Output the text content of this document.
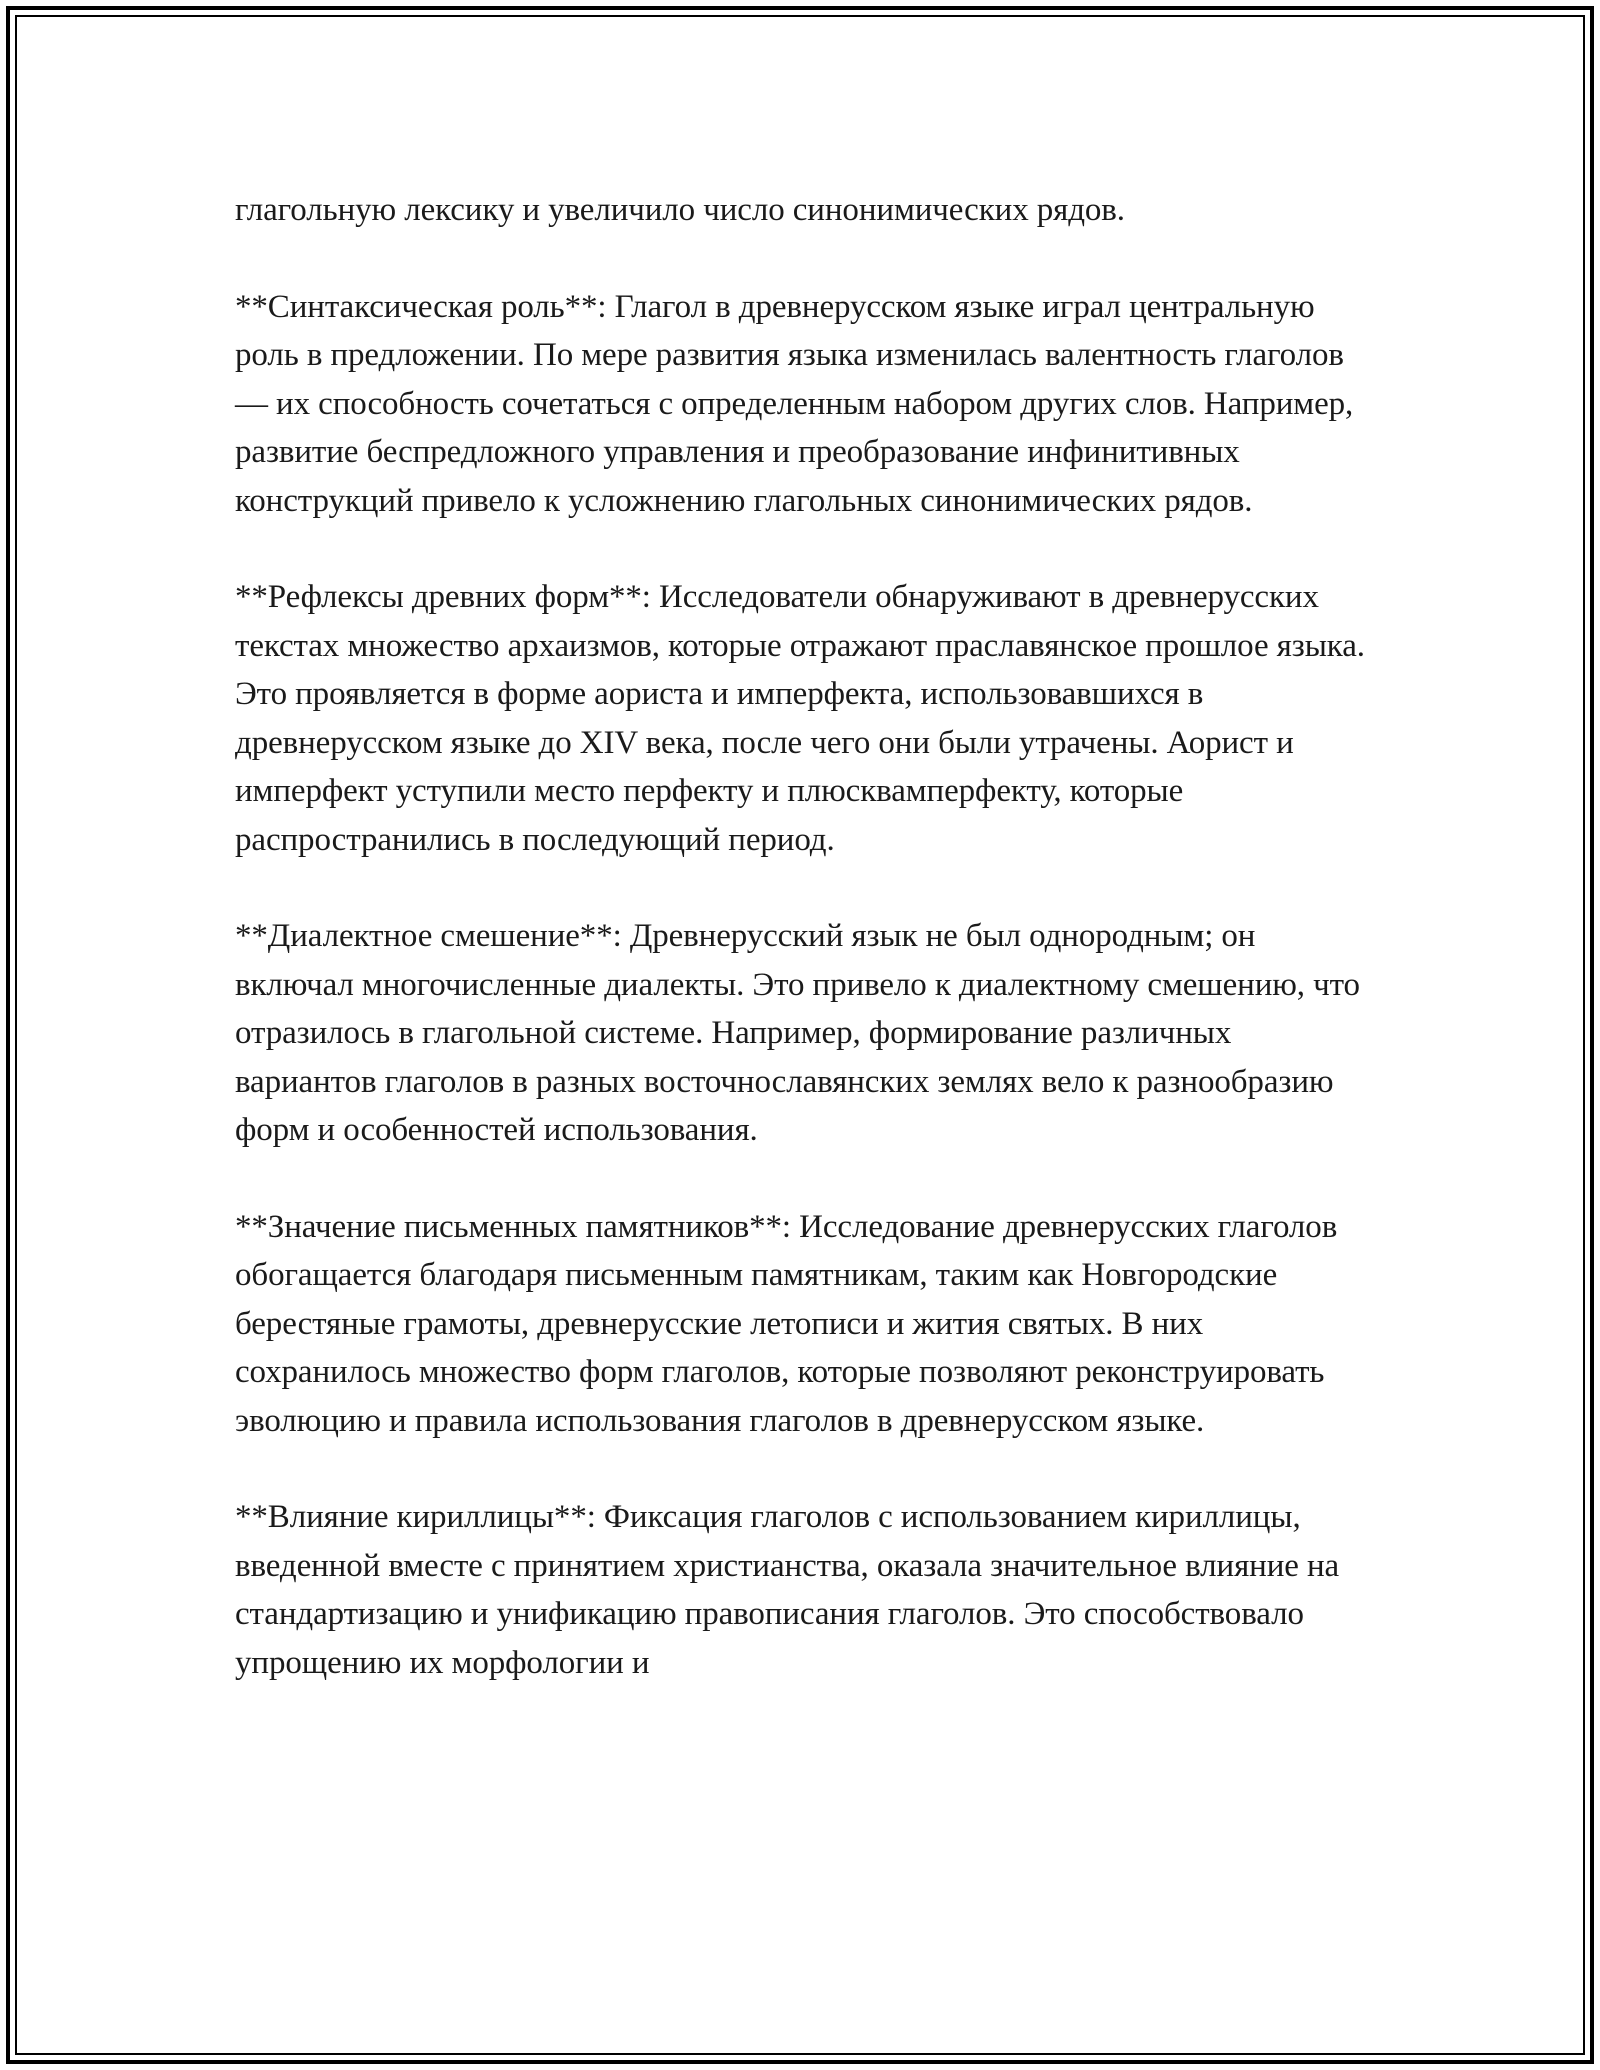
глагольную лексику и увеличило число синонимических рядов.

**Синтаксическая роль**: Глагол в древнерусском языке играл центральную роль в предложении. По мере развития языка изменилась валентность глаголов — их способность сочетаться с определенным набором других слов. Например, развитие беспредложного управления и преобразование инфинитивных конструкций привело к усложнению глагольных синонимических рядов.

**Рефлексы древних форм**: Исследователи обнаруживают в древнерусских текстах множество архаизмов, которые отражают праславянское прошлое языка. Это проявляется в форме аориста и имперфекта, использовавшихся в древнерусском языке до XIV века, после чего они были утрачены. Аорист и имперфект уступили место перфекту и плюсквамперфекту, которые распространились в последующий период.

**Диалектное смешение**: Древнерусский язык не был однородным; он включал многочисленные диалекты. Это привело к диалектному смешению, что отразилось в глагольной системе. Например, формирование различных вариантов глаголов в разных восточнославянских землях вело к разнообразию форм и особенностей использования.

**Значение письменных памятников**: Исследование древнерусских глаголов обогащается благодаря письменным памятникам, таким как Новгородские берестяные грамоты, древнерусские летописи и жития святых. В них сохранилось множество форм глаголов, которые позволяют реконструировать эволюцию и правила использования глаголов в древнерусском языке.

**Влияние кириллицы**: Фиксация глаголов с использованием кириллицы, введенной вместе с принятием христианства, оказала значительное влияние на стандартизацию и унификацию правописания глаголов. Это способствовало упрощению их морфологии и
